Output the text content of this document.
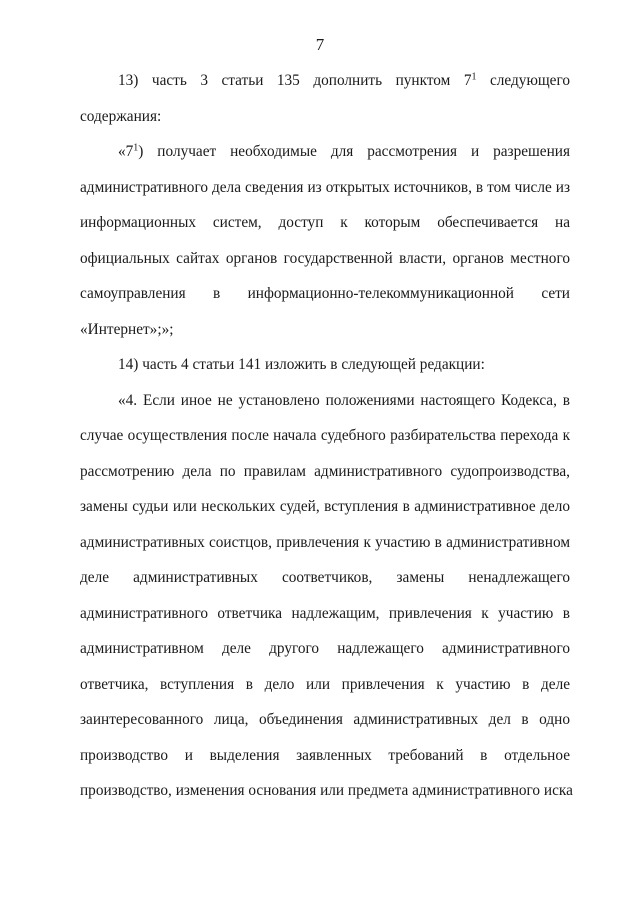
7
13) часть 3 статьи 135 дополнить пунктом $7^1$ следующего
содержания:
«$7^1$) получает необходимые для рассмотрения и разрешения
административного дела сведения из открытых источников, в том числе из
информационных систем, доступ к которым обеспечивается на
официальных сайтах органов государственной власти, органов местного
самоуправления в информационно-телекоммуникационной сети
«Интернет»;»;
14) часть 4 статьи 141 изложить в следующей редакции:
«4. Если иное не установлено положениями настоящего Кодекса, в
случае осуществления после начала судебного разбирательства перехода к
рассмотрению дела по правилам административного судопроизводства,
замены судьи или нескольких судей, вступления в административное дело
административных соистцов, привлечения к участию в административном
деле административных соответчиков, замены ненадлежащего
административного ответчика надлежащим, привлечения к участию в
административном деле другого надлежащего административного
ответчика, вступления в дело или привлечения к участию в деле
заинтересованного лица, объединения административных дел в одно
производство и выделения заявленных требований в отдельное
производство, изменения основания или предмета административного иска
